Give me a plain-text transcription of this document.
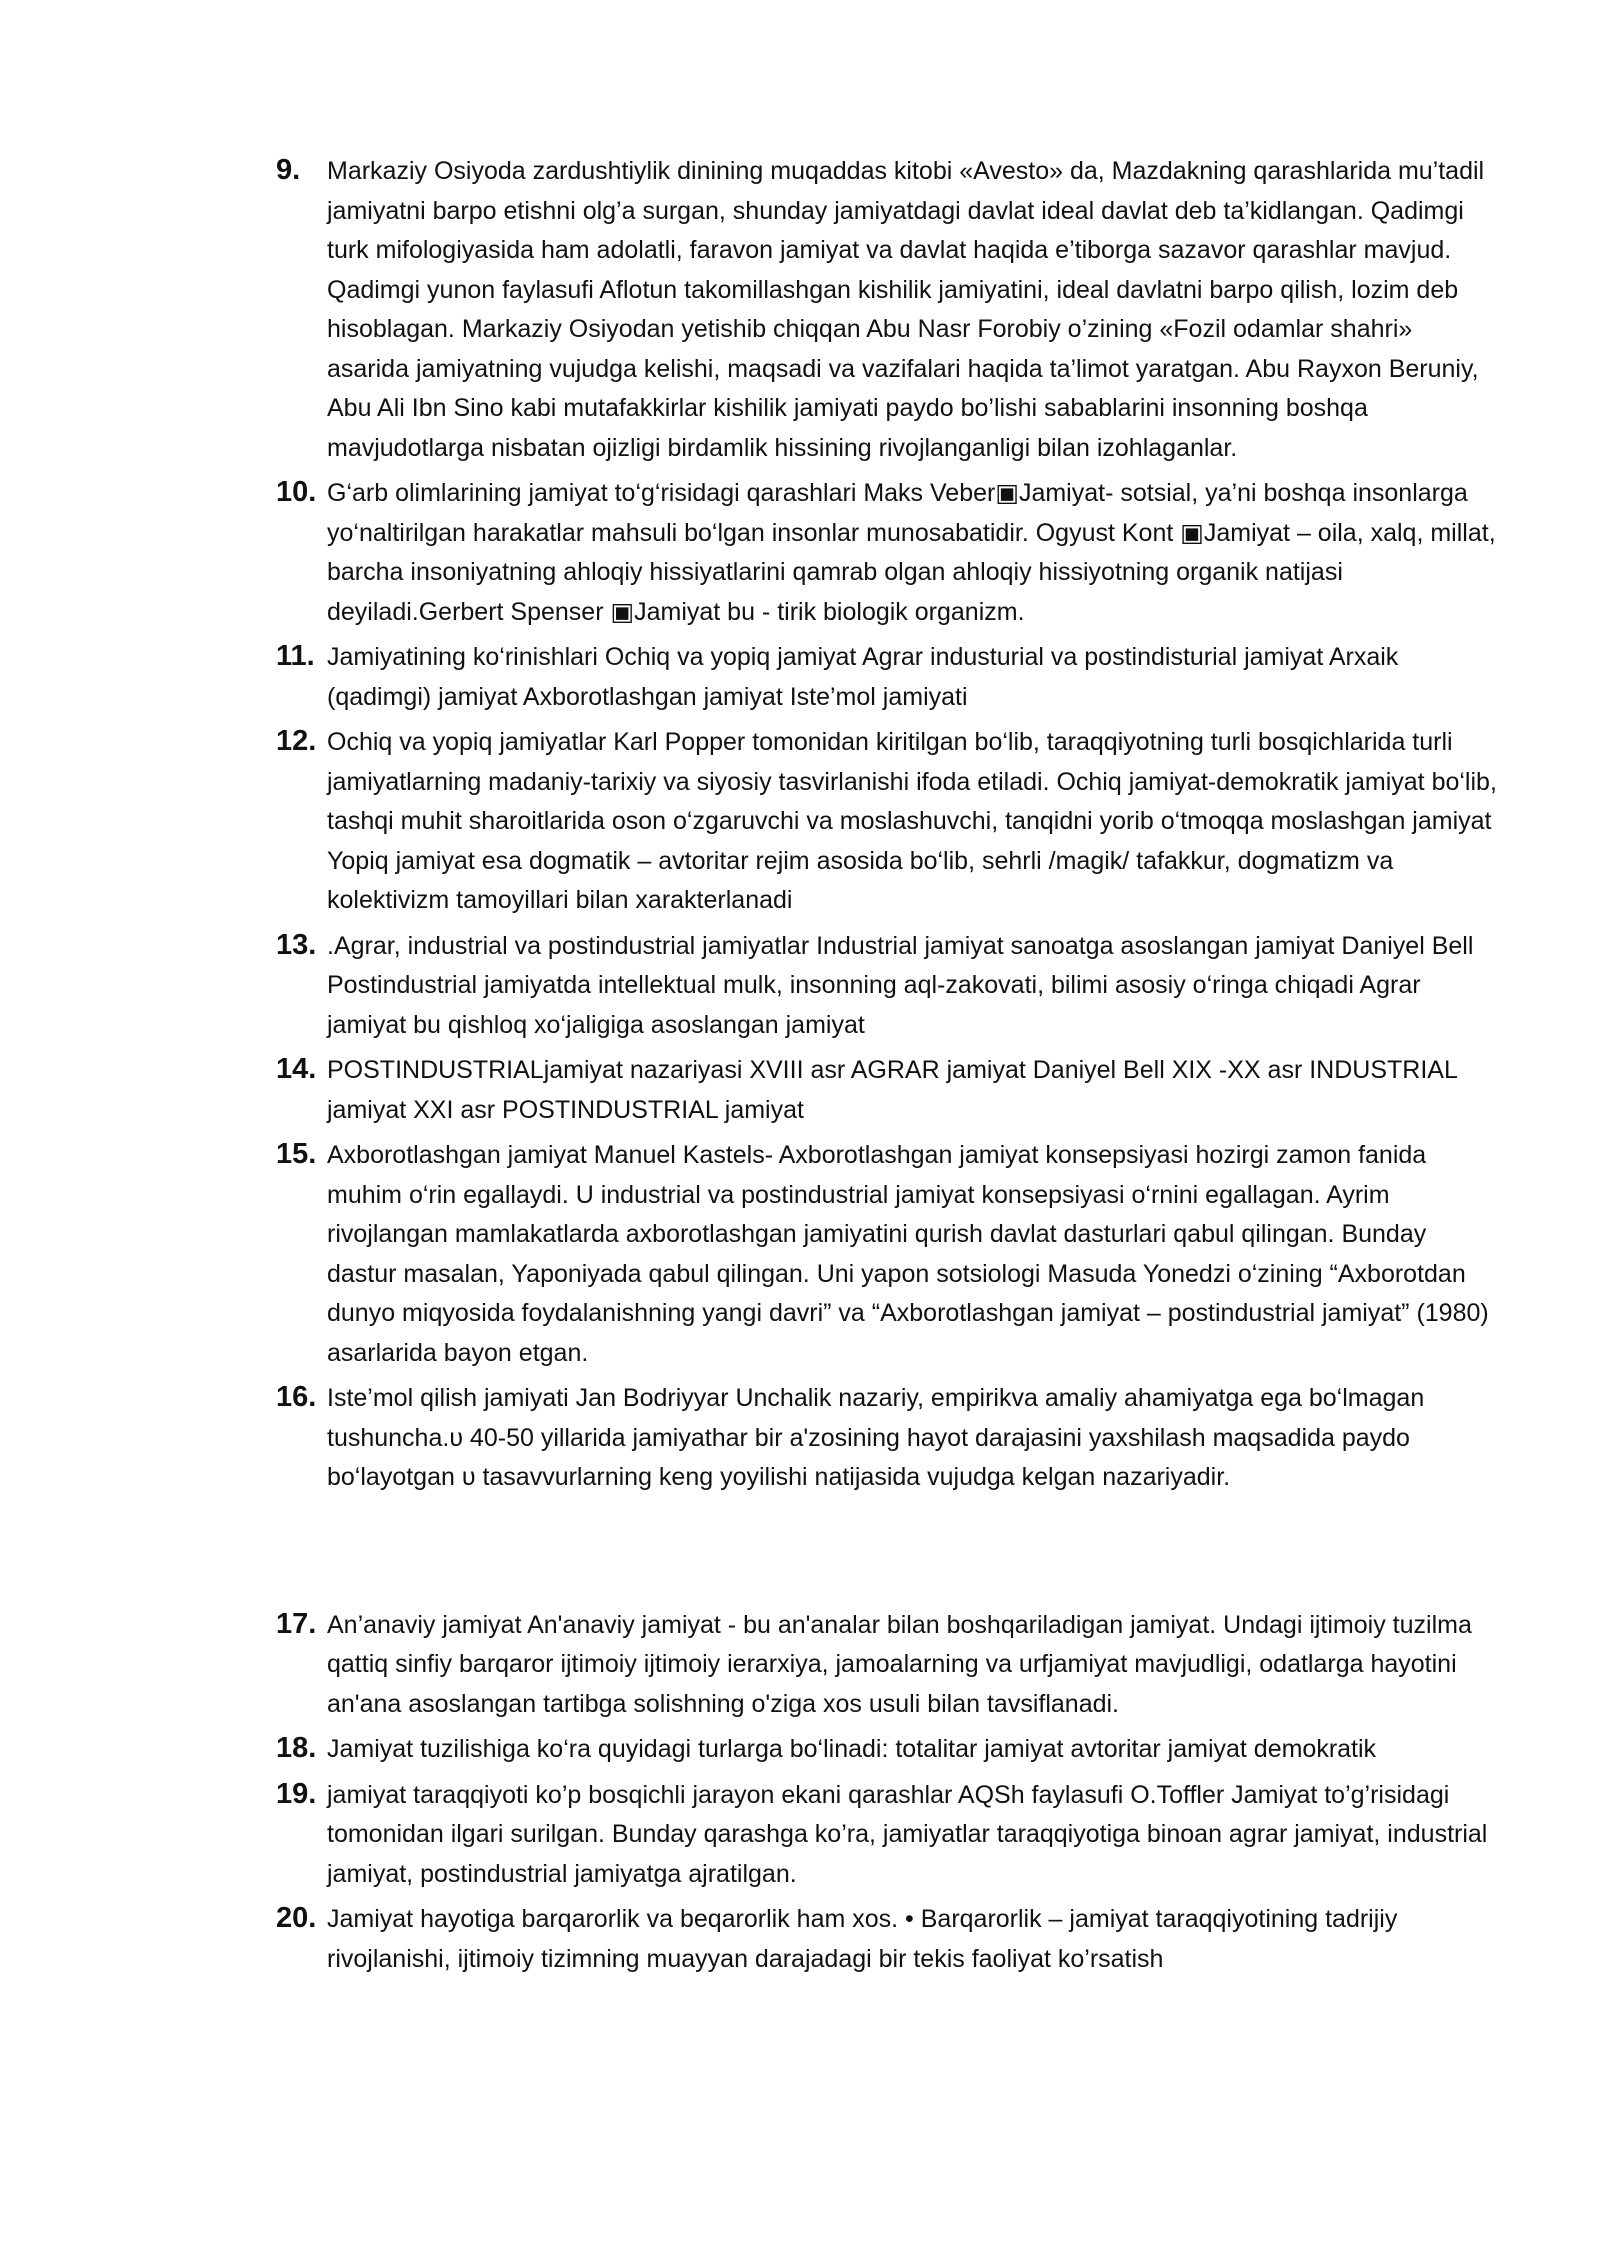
9. Markaziy Osiyoda zardushtiylik dinining muqaddas kitobi «Avesto» da, Mazdakning qarashlarida mu’tadil jamiyatni barpo etishni olg’a surgan, shunday jamiyatdagi davlat ideal davlat deb ta’kidlangan. Qadimgi turk mifologiyasida ham adolatli, faravon jamiyat va davlat haqida e’tiborga sazavor qarashlar mavjud. Qadimgi yunon faylasufi Aflotun takomillashgan kishilik jamiyatini, ideal davlatni barpo qilish, lozim deb hisoblagan. Markaziy Osiyodan yetishib chiqqan Abu Nasr Forobiy o’zining «Fozil odamlar shahri» asarida jamiyatning vujudga kelishi, maqsadi va vazifalari haqida ta’limot yaratgan. Abu Rayxon Beruniy, Abu Ali Ibn Sino kabi mutafakkirlar kishilik jamiyati paydo bo’lishi sabablarini insonning boshqa mavjudotlarga nisbatan ojizligi birdamlik hissining rivojlanganligi bilan izohlaganlar.
10. G‘arb olimlarining jamiyat to‘g‘risidagi qarashlari Maks Veber▣Jamiyat- sotsial, ya’ni boshqa insonlarga yo‘naltirilgan harakatlar mahsuli bo‘lgan insonlar munosabatidir. Ogyust Kont ▣Jamiyat – oila, xalq, millat, barcha insoniyatning ahloqiy hissiyatlarini qamrab olgan ahloqiy hissiyotning organik natijasi deyiladi.Gerbert Spenser ▣Jamiyat bu - tirik biologik organizm.
11. Jamiyatining ko‘rinishlari Ochiq va yopiq jamiyat Agrar industurial va postindisturial jamiyat Arxaik (qadimgi) jamiyat Axborotlashgan jamiyat Iste’mol jamiyati
12. Ochiq va yopiq jamiyatlar Karl Popper tomonidan kiritilgan bo‘lib, taraqqiyotning turli bosqichlarida turli jamiyatlarning madaniy-tarixiy va siyosiy tasvirlanishi ifoda etiladi. Ochiq jamiyat-demokratik jamiyat bo‘lib, tashqi muhit sharoitlarida oson o‘zgaruvchi va moslashuvchi, tanqidni yorib o‘tmoqqa moslashgan jamiyat Yopiq jamiyat esa dogmatik – avtoritar rejim asosida bo‘lib, sehrli /magik/ tafakkur, dogmatizm va kolektivizm tamoyillari bilan xarakterlanadi
13. .Agrar, industrial va postindustrial jamiyatlar Industrial jamiyat sanoatga asoslangan jamiyat Daniyel Bell Postindustrial jamiyatda intellektual mulk, insonning aql-zakovati, bilimi asosiy o‘ringa chiqadi Agrar jamiyat bu qishloq xo‘jaligiga asoslangan jamiyat
14. POSTINDUSTRIALjamiyat nazariyasi XVIII asr AGRAR jamiyat Daniyel Bell XIX -XX asr INDUSTRIAL jamiyat XXI asr POSTINDUSTRIAL jamiyat
15. Axborotlashgan jamiyat Manuel Kastels- Axborotlashgan jamiyat konsepsiyasi hozirgi zamon fanida muhim o‘rin egallaydi. U industrial va postindustrial jamiyat konsepsiyasi o‘rnini egallagan. Ayrim rivojlangan mamlakatlarda axborotlashgan jamiyatini qurish davlat dasturlari qabul qilingan. Bunday dastur masalan, Yaponiyada qabul qilingan. Uni yapon sotsiologi Masuda Yonedzi o‘zining “Axborotdan dunyo miqyosida foydalanishning yangi davri” va “Axborotlashgan jamiyat – postindustrial jamiyat” (1980) asarlarida bayon etgan.
16. Iste’mol qilish jamiyati Jan Bodriyyar Unchalik nazariy, empirikva amaliy ahamiyatga ega bo‘lmagan tushuncha.υ 40-50 yillarida jamiyathar bir a'zosining hayot darajasini yaxshilash maqsadida paydo bo‘layotgan υ tasavvurlarning keng yoyilishi natijasida vujudga kelgan nazariyadir.
17. An’anaviy jamiyat An'anaviy jamiyat - bu an'analar bilan boshqariladigan jamiyat. Undagi ijtimoiy tuzilma qattiq sinfiy barqaror ijtimoiy ijtimoiy ierarxiya, jamoalarning va urfjamiyat mavjudligi, odatlarga hayotini an'ana asoslangan tartibga solishning o'ziga xos usuli bilan tavsiflanadi.
18. Jamiyat tuzilishiga ko‘ra quyidagi turlarga bo‘linadi: totalitar jamiyat avtoritar jamiyat demokratik
19. jamiyat taraqqiyoti ko’p bosqichli jarayon ekani qarashlar AQSh faylasufi O.Toffler Jamiyat to’g’risidagi tomonidan ilgari surilgan. Bunday qarashga ko’ra, jamiyatlar taraqqiyotiga binoan agrar jamiyat, industrial jamiyat, postindustrial jamiyatga ajratilgan.
20. Jamiyat hayotiga barqarorlik va beqarorlik ham xos. • Barqarorlik – jamiyat taraqqiyotining tadrijiy rivojlanishi, ijtimoiy tizimning muayyan darajadagi bir tekis faoliyat ko’rsatish
